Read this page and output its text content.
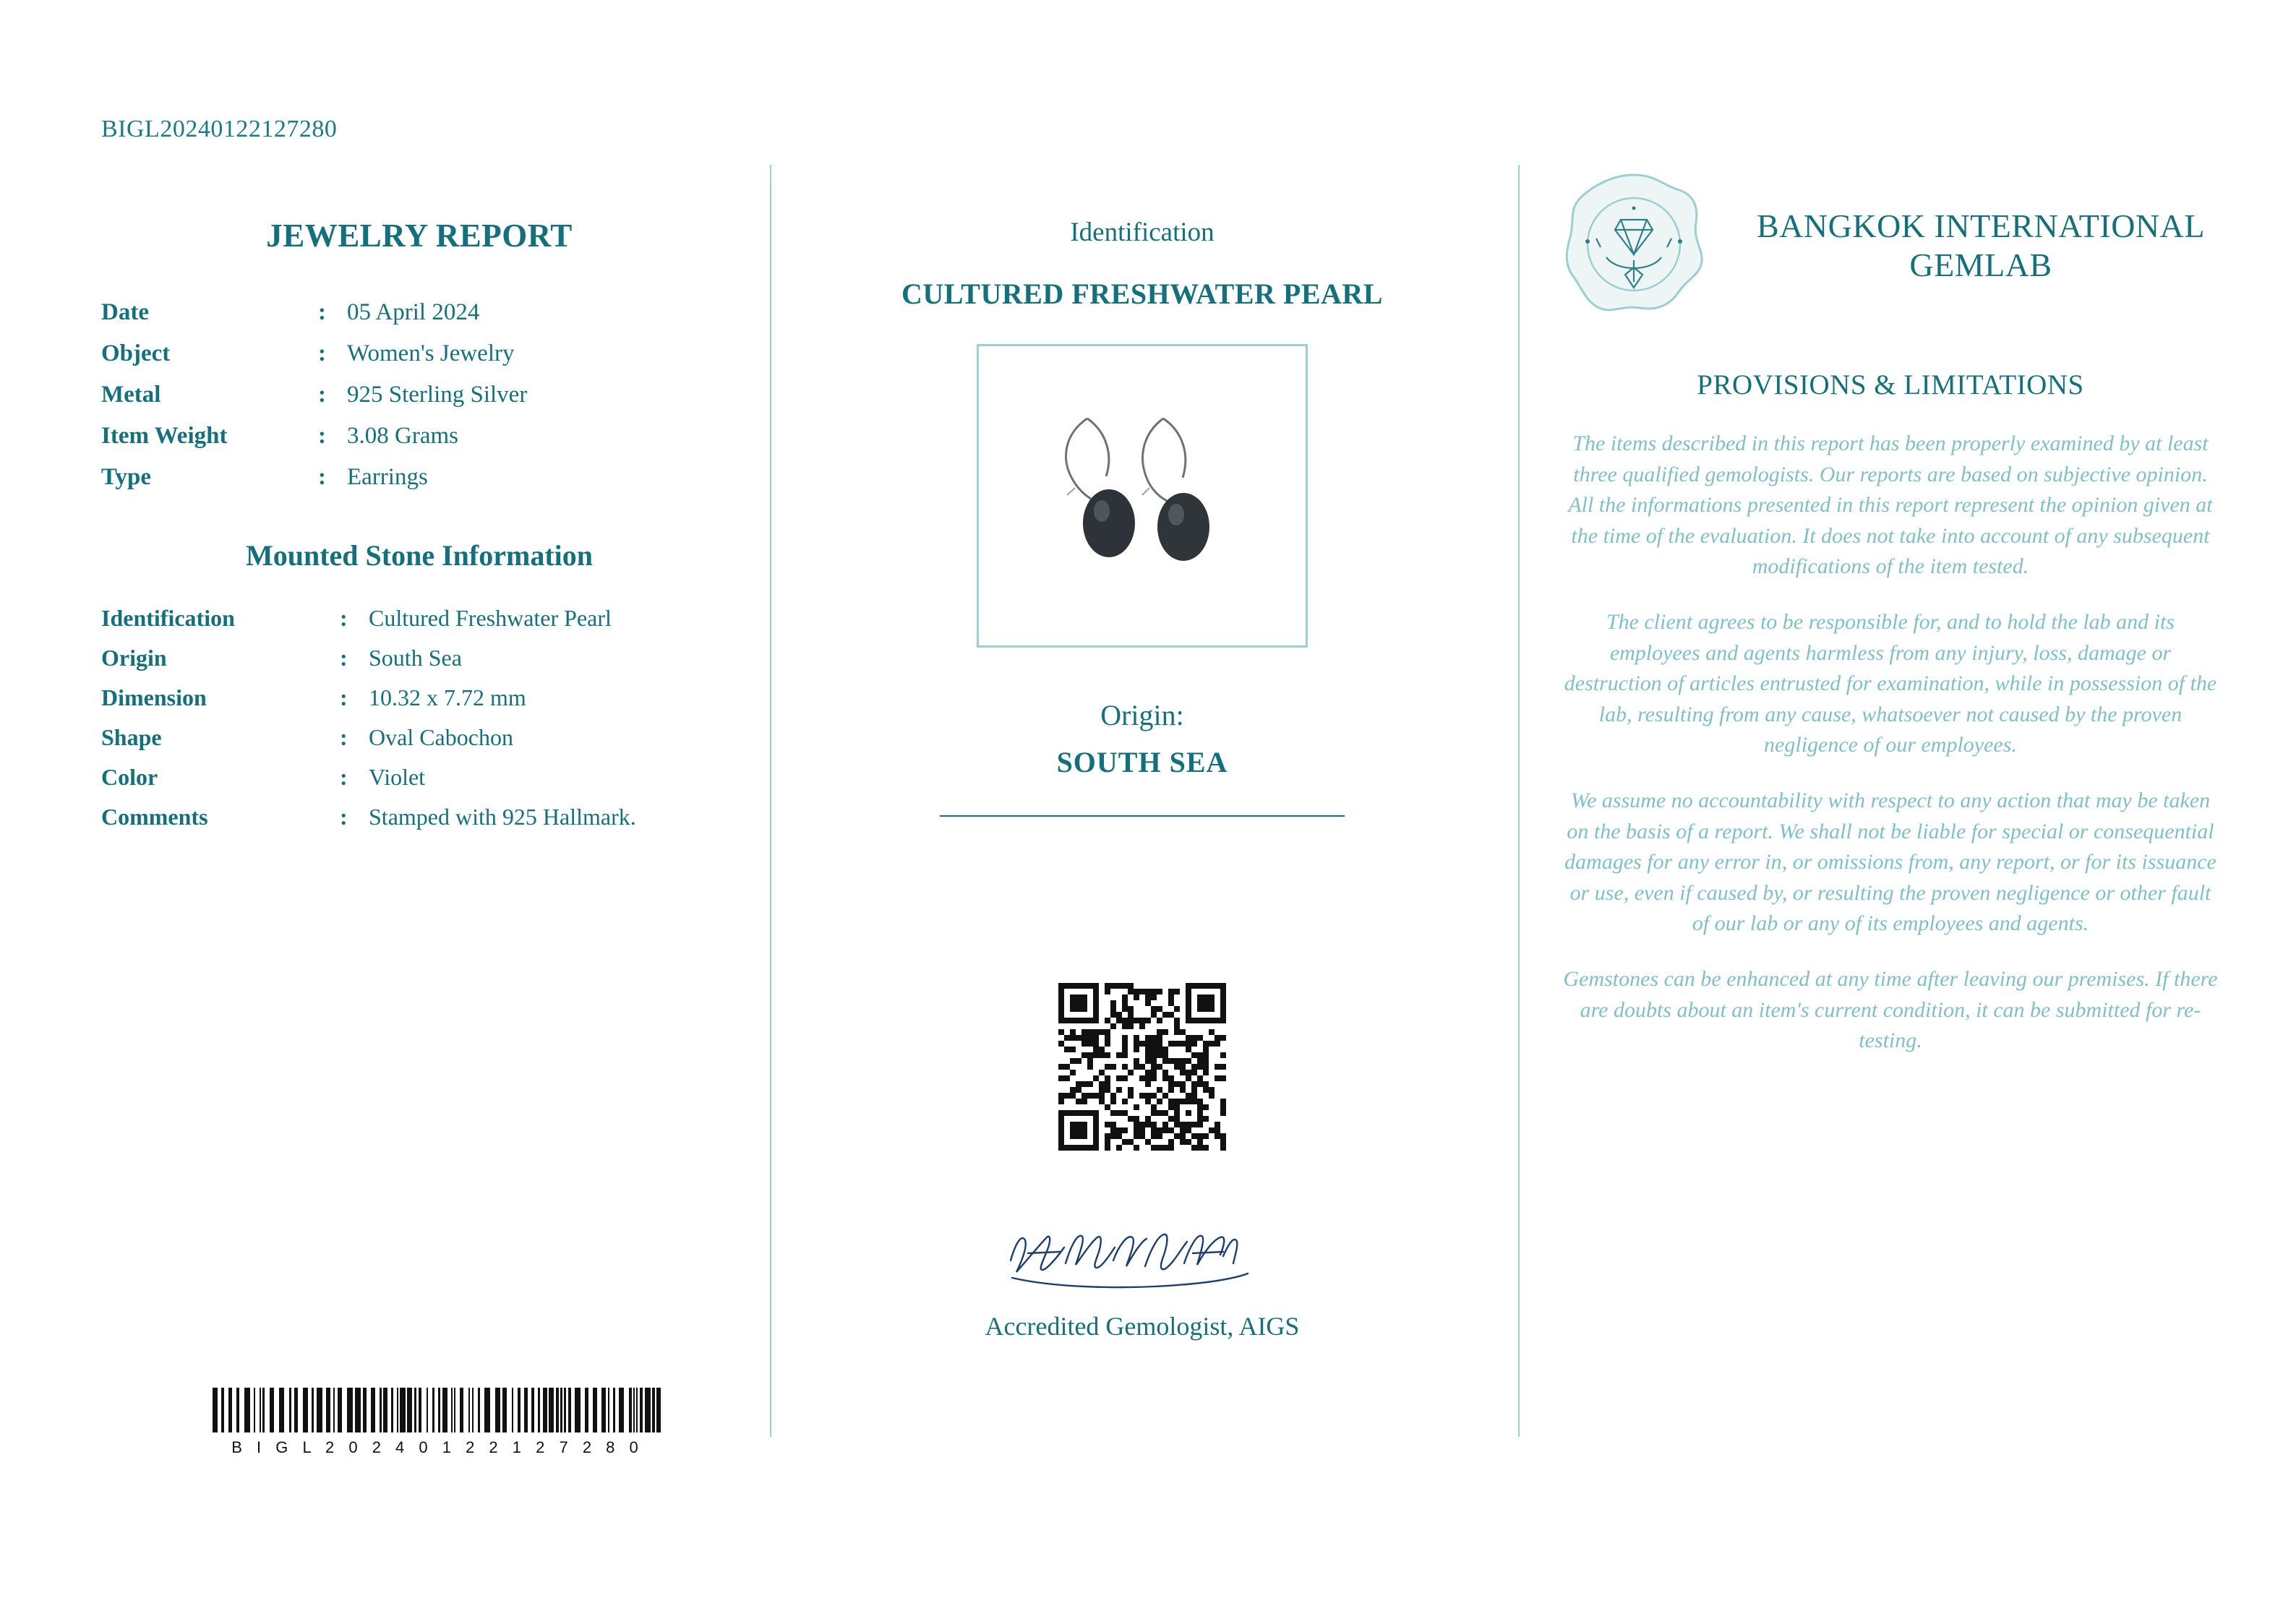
BIGL20240122127280
JEWELRY REPORT
Date	:	05 April 2024
Object	:	Women's Jewelry
Metal	:	925 Sterling Silver
Item Weight	:	3.08 Grams
Type	:	Earrings
Mounted Stone Information
Identification	:	Cultured Freshwater Pearl
Origin	:	South Sea
Dimension	:	10.32 x 7.72 mm
Shape	:	Oval Cabochon
Color	:	Violet
Comments	:	Stamped with 925 Hallmark.
B I G L 2 0 2 4 0 1 2 2 1 2 7 2 8 0
Identification
CULTURED FRESHWATER PEARL
Origin:
SOUTH SEA
Accredited Gemologist, AIGS
BANGKOK INTERNATIONAL GEMLAB
PROVISIONS & LIMITATIONS

The items described in this report has been properly examined by at least three qualified gemologists. Our reports are based on subjective opinion. All the informations presented in this report represent the opinion given at the time of the evaluation. It does not take into account of any subsequent modifications of the item tested.

The client agrees to be responsible for, and to hold the lab and its employees and agents harmless from any injury, loss, damage or destruction of articles entrusted for examination, while in possession of the lab, resulting from any cause, whatsoever not caused by the proven negligence of our employees.

We assume no accountability with respect to any action that may be taken on the basis of a report. We shall not be liable for special or consequential damages for any error in, or omissions from, any report, or for its issuance or use, even if caused by, or resulting the proven negligence or other fault of our lab or any of its employees and agents.

Gemstones can be enhanced at any time after leaving our premises. If there are doubts about an item's current condition, it can be submitted for re-testing.
